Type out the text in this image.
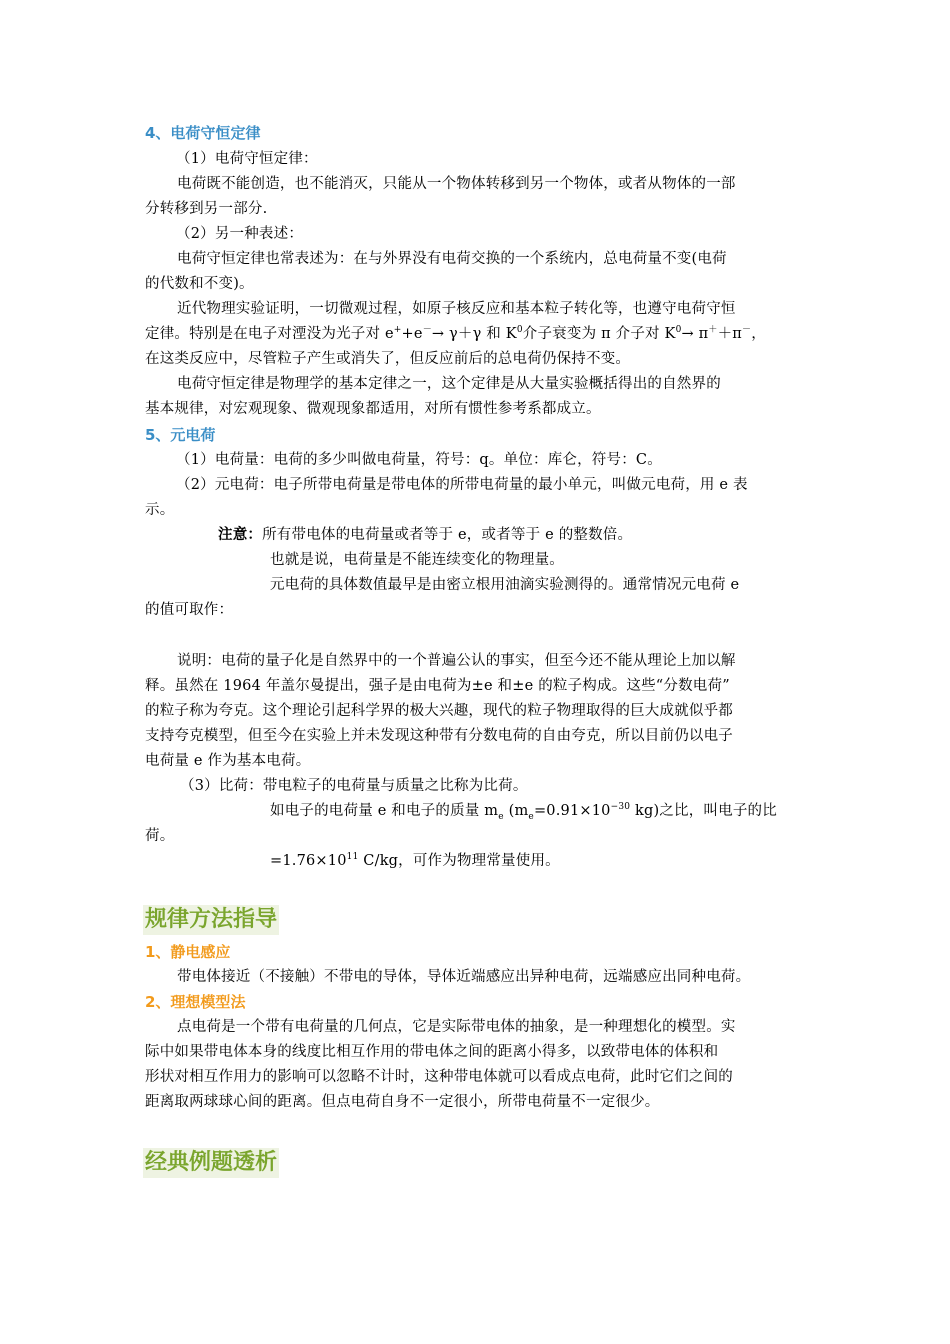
4、电荷守恒定律
（1）电荷守恒定律：
电荷既不能创造，也不能消灭，只能从一个物体转移到另一个物体，或者从物体的一部
分转移到另一部分.
（2）另一种表述：
电荷守恒定律也常表述为：在与外界没有电荷交换的一个系统内，总电荷量不变(电荷
的代数和不变)。
近代物理实验证明，一切微观过程，如原子核反应和基本粒子转化等，也遵守电荷守恒
定律。特别是在电子对湮没为光子对 e++e－→ γ＋γ 和 $K^0$介子衰变为 π 介子对 $K^0\to \pi^++\pi^-$，
在这类反应中，尽管粒子产生或消失了，但反应前后的总电荷仍保持不变。
电荷守恒定律是物理学的基本定律之一，这个定律是从大量实验概括得出的自然界的
基本规律，对宏观现象、微观现象都适用，对所有惯性参考系都成立。
5、元电荷
（1）电荷量：电荷的多少叫做电荷量，符号：q。单位：库仑，符号：C。
（2）元电荷：电子所带电荷量是带电体的所带电荷量的最小单元，叫做元电荷，用 e 表
示。
注意：所有带电体的电荷量或者等于 e，或者等于 e 的整数倍。
也就是说，电荷量是不能连续变化的物理量。
元电荷的具体数值最早是由密立根用油滴实验测得的。通常情况元电荷 e
的值可取作：
说明：电荷的量子化是自然界中的一个普遍公认的事实，但至今还不能从理论上加以解
释。虽然在 1964 年盖尔曼提出，强子是由电荷为±e 和±e 的粒子构成。这些“分数电荷”
的粒子称为夸克。这个理论引起科学界的极大兴趣，现代的粒子物理取得的巨大成就似乎都
支持夸克模型，但至今在实验上并未发现这种带有分数电荷的自由夸克，所以目前仍以电子
电荷量 e 作为基本电荷。
（3）比荷：带电粒子的电荷量与质量之比称为比荷。
如电子的电荷量 e 和电子的质量 $m_e$ ($m_e=0.91\times 10^{-30}$ kg)之比，叫电子的比
荷。
$=1.76\times 10^{11}$ C/kg，可作为物理常量使用。
规律方法指导
1、静电感应
带电体接近（不接触）不带电的导体，导体近端感应出异种电荷，远端感应出同种电荷。
2、理想模型法
点电荷是一个带有电荷量的几何点，它是实际带电体的抽象，是一种理想化的模型。实
际中如果带电体本身的线度比相互作用的带电体之间的距离小得多，以致带电体的体积和
形状对相互作用力的影响可以忽略不计时，这种带电体就可以看成点电荷，此时它们之间的
距离取两球球心间的距离。但点电荷自身不一定很小，所带电荷量不一定很少。
经典例题透析
